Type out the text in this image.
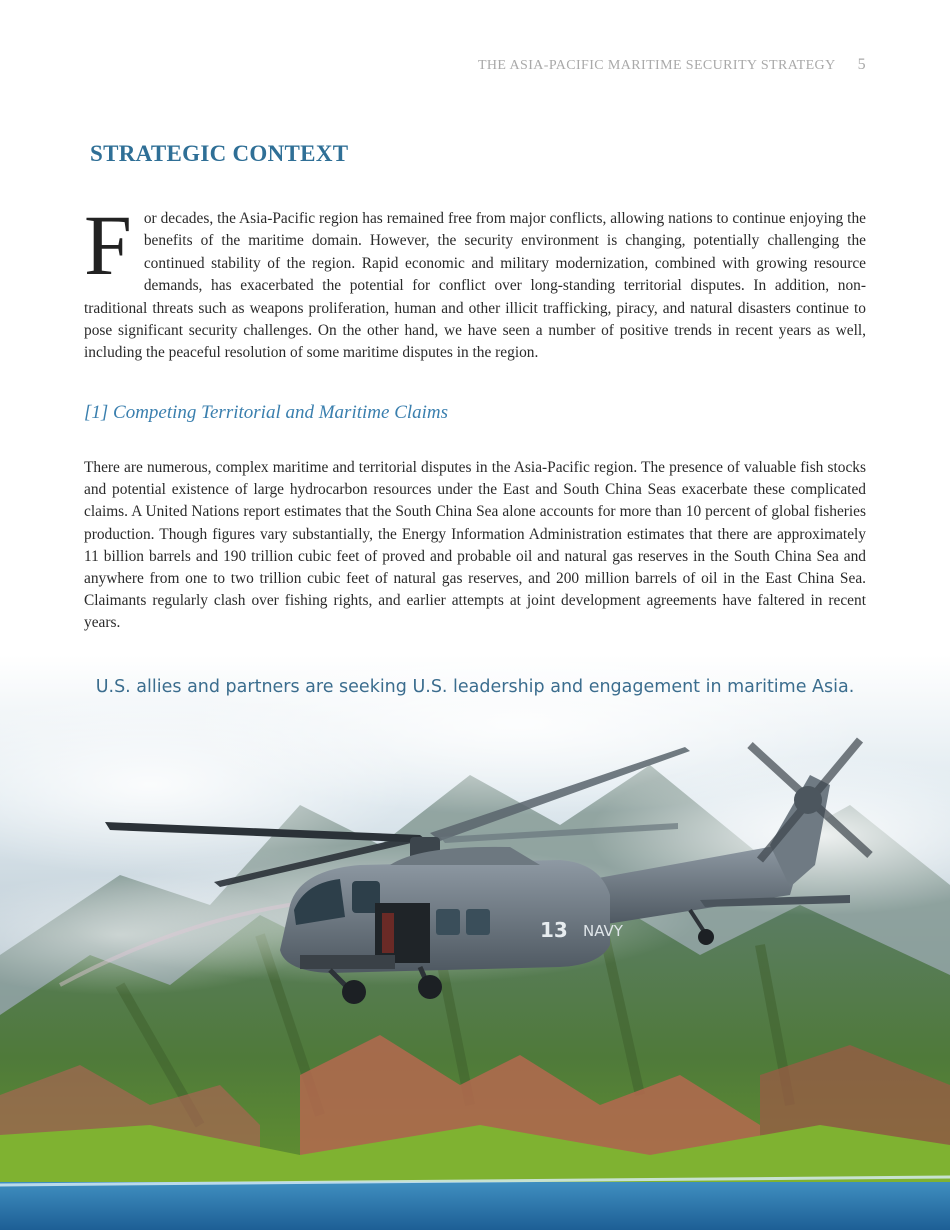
THE ASIA-PACIFIC MARITIME SECURITY STRATEGY 5
STRATEGIC CONTEXT

For decades, the Asia-Pacific region has remained free from major conflicts, allowing nations to continue enjoying the benefits of the maritime domain. However, the security environment is changing, potentially challenging the continued stability of the region. Rapid economic and military modernization, combined with growing resource demands, has exacerbated the potential for conflict over long-standing territorial disputes. In addition, non-traditional threats such as weapons proliferation, human and other illicit trafficking, piracy, and natural disasters continue to pose significant security challenges. On the other hand, we have seen a number of positive trends in recent years as well, including the peaceful resolution of some maritime disputes in the region.

[1] Competing Territorial and Maritime Claims

There are numerous, complex maritime and territorial disputes in the Asia-Pacific region. The presence of valuable fish stocks and potential existence of large hydrocarbon resources under the East and South China Seas exacerbate these complicated claims. A United Nations report estimates that the South China Sea alone accounts for more than 10 percent of global fisheries production. Though figures vary substantially, the Energy Information Administration estimates that there are approximately 11 billion barrels and 190 trillion cubic feet of proved and probable oil and natural gas reserves in the South China Sea and anywhere from one to two trillion cubic feet of natural gas reserves, and 200 million barrels of oil in the East China Sea. Claimants regularly clash over fishing rights, and earlier attempts at joint development agreements have faltered in recent years.

13 NAVY

U.S. allies and partners are seeking U.S. leadership and engagement in maritime Asia.
